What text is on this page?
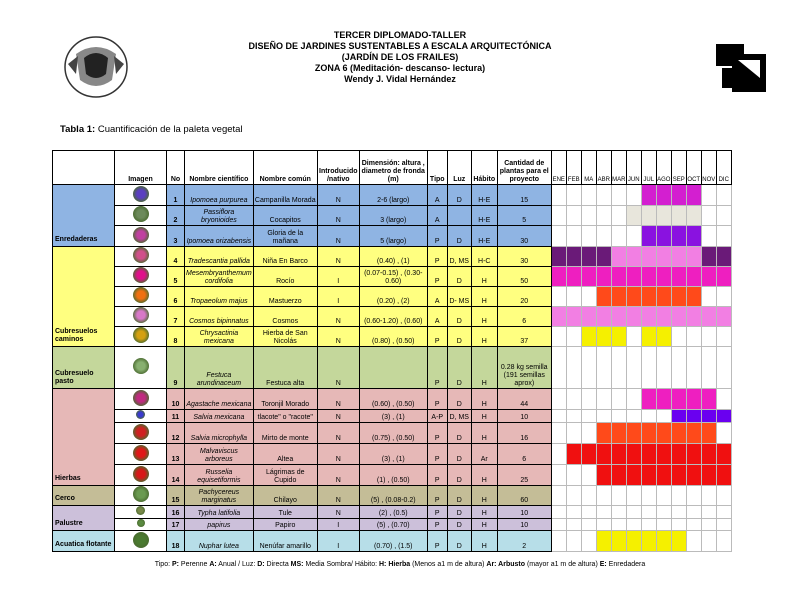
TERCER DIPLOMADO-TALLER
DISEÑO DE JARDINES SUSTENTABLES A ESCALA ARQUITECTÓNICA
(JARDÍN DE LOS FRAILES)
ZONA 6 (Meditación- descanso- lectura)
Wendy J. Vidal Hernández
Tabla 1: Cuantificación de la paleta vegetal
	Imagen	No	Nombre científico	Nombre común	Introducido /nativo	Dimensión: altura , diametro de fronda (m)	Tipo	Luz	Hábito	Cantidad de plantas para el proyecto	ENE	FEB	MA	ABR	MAR	JUN	JUL	AGO	SEP	OCT	NOV	DIC
Enredaderas		1	Ipomoea purpurea	Campanilla Morada	N	2-6 (largo)	A	D	H-E	15												
		2	Passiflora bryonioides	Cocapitos	N	3 (largo)	A		H-E	5												
		3	Ipomoea orizabensis	Gloria de la mañana	N	5 (largo)	P	D	H-E	30												
Cubresuelos caminos		4	Tradescantia pallida	Niña En Barco	N	(0.40) , (1)	P	D, MS	H-C	30												
		5	Mesembryanthemum cordifolia	Rocío	I	(0.07-0.15) , (0.30-0.60)	P	D	H	50												
		6	Tropaeolum majus	Mastuerzo	I	(0.20) , (2)	A	D- MS	H	20												
		7	Cosmos bipinnatus	Cosmos	N	(0.60-1.20) , (0.60)	A	D	H	6												
		8	Chrysactinia mexicana	Hierba de San Nicolás	N	(0.80) , (0.50)	P	D	H	37												
Cubresuelo pasto		9	Festuca arundinaceum	Festuca alta	N		P	D	H	0.28 kg semilla (191 semillas aprox)												
Hierbas		10	Agastache mexicana	Toronjil Morado	N	(0.60) , (0.50)	P	D	H	44												
		11	Salvia mexicana	tlacote" o "racote"	N	(3) , (1)	A-P	D, MS	H	10												
		12	Salvia microphylla	Mirto de monte	N	(0.75) , (0.50)	P	D	H	16												
		13	Malvaviscus arboreus	Altea	N	(3) , (1)	P	D	Ar	6												
		14	Russelia equisetiformis	Lágrimas de Cupido	N	(1) , (0.50)	P	D	H	25												
Cerco		15	Pachycereus marginatus	Chilayo	N	(5) , (0.08-0.2)	P	D	H	60												
Palustre		16	Typha latifolia	Tule	N	(2) , (0.5)	P	D	H	10												
		17	papirus	Papiro	I	(5) , (0.70)	P	D	H	10												
Acuatica flotante		18	Nuphar lutea	Nenúfar amarillo	I	(0.70) , (1.5)	P	D	H	2												
Tipo: P: Perenne A: Anual / Luz: D: Directa MS: Media Sombra/ Hábito: H: Hierba (Menos a1 m de altura) Ar: Arbusto (mayor a1 m de altura) E: Enredadera
